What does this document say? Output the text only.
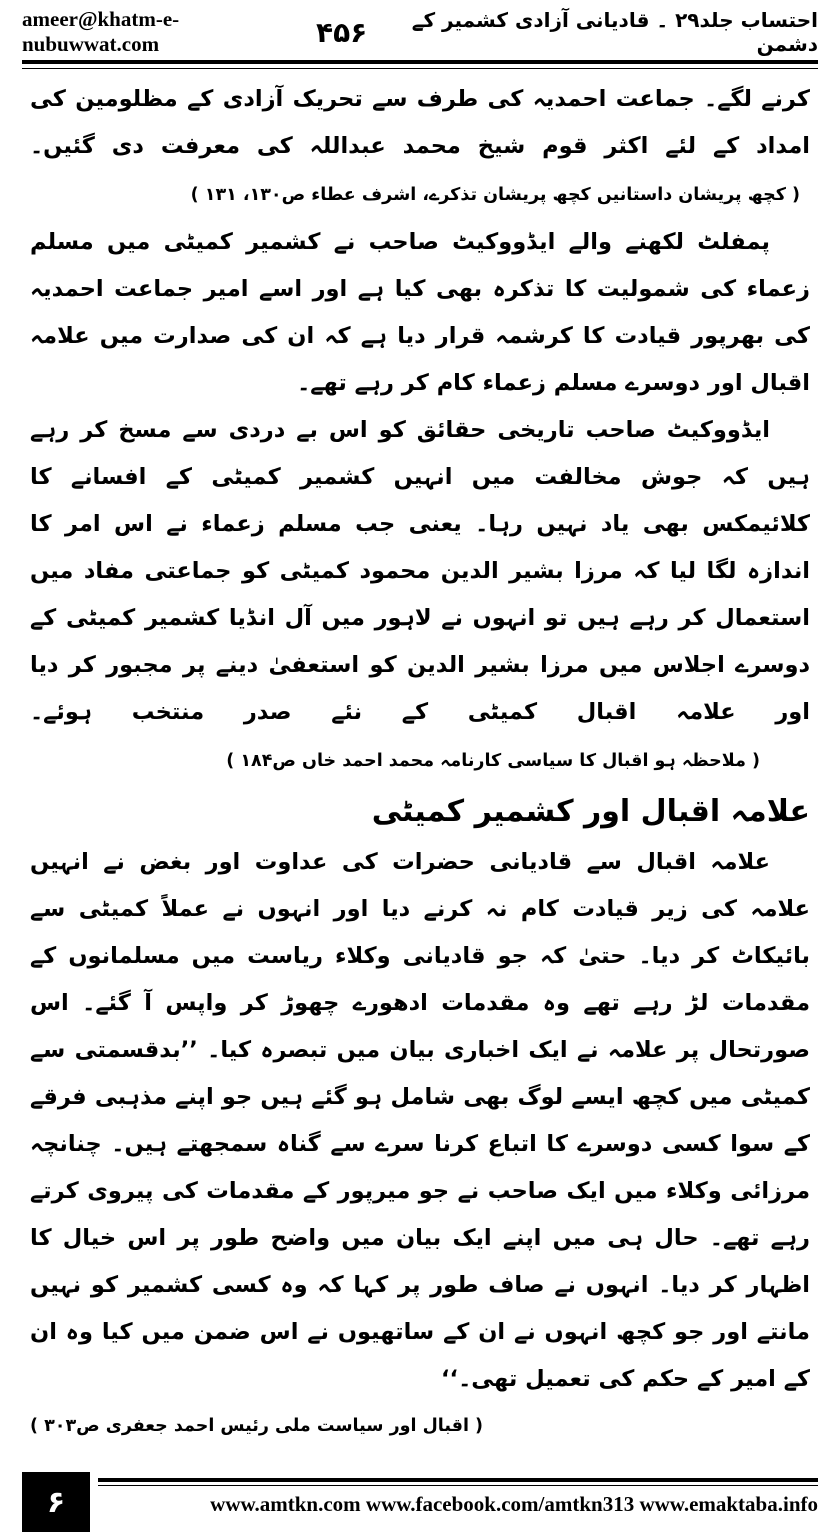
ameer@khatm-e-nubuwwat.com	۴۵۶	احتساب جلد۲۹ ۔ قادیانی آزادی کشمیر کے دشمن

کرنے لگے۔ جماعت احمدیہ کی طرف سے تحریک آزادی کے مظلومین کی امداد کے لئے اکثر قوم شیخ محمد عبداللہ کی معرفت دی گئیں۔ ( کچھ پریشان داستانیں کچھ پریشان تذکرے، اشرف عطاء ص۱۳۰، ۱۳۱ )

پمفلٹ لکھنے والے ایڈووکیٹ صاحب نے کشمیر کمیٹی میں مسلم زعماء کی شمولیت کا تذکرہ بھی کیا ہے اور اسے امیر جماعت احمدیہ کی بھرپور قیادت کا کرشمہ قرار دیا ہے کہ ان کی صدارت میں علامہ اقبال اور دوسرے مسلم زعماء کام کر رہے تھے۔

ایڈووکیٹ صاحب تاریخی حقائق کو اس بے دردی سے مسخ کر رہے ہیں کہ جوش مخالفت میں انہیں کشمیر کمیٹی کے افسانے کا کلائیمکس بھی یاد نہیں رہا۔ یعنی جب مسلم زعماء نے اس امر کا اندازہ لگا لیا کہ مرزا بشیر الدین محمود کمیٹی کو جماعتی مفاد میں استعمال کر رہے ہیں تو انہوں نے لاہور میں آل انڈیا کشمیر کمیٹی کے دوسرے اجلاس میں مرزا بشیر الدین کو استعفیٰ دینے پر مجبور کر دیا اور علامہ اقبال کمیٹی کے نئے صدر منتخب ہوئے۔ ( ملاحظہ ہو اقبال کا سیاسی کارنامہ محمد احمد خاں ص۱۸۴ )

علامہ اقبال اور کشمیر کمیٹی

علامہ اقبال سے قادیانی حضرات کی عداوت اور بغض نے انہیں علامہ کی زیر قیادت کام نہ کرنے دیا اور انہوں نے عملاً کمیٹی سے بائیکاٹ کر دیا۔ حتیٰ کہ جو قادیانی وکلاء ریاست میں مسلمانوں کے مقدمات لڑ رہے تھے وہ مقدمات ادھورے چھوڑ کر واپس آ گئے۔ اس صورتحال پر علامہ نے ایک اخباری بیان میں تبصرہ کیا۔ ’’بدقسمتی سے کمیٹی میں کچھ ایسے لوگ بھی شامل ہو گئے ہیں جو اپنے مذہبی فرقے کے سوا کسی دوسرے کا اتباع کرنا سرے سے گناہ سمجھتے ہیں۔ چنانچہ مرزائی وکلاء میں ایک صاحب نے جو میرپور کے مقدمات کی پیروی کرتے رہے تھے۔ حال ہی میں اپنے ایک بیان میں واضح طور پر اس خیال کا اظہار کر دیا۔ انہوں نے صاف طور پر کہا کہ وہ کسی کشمیر کو نہیں مانتے اور جو کچھ انہوں نے ان کے ساتھیوں نے اس ضمن میں کیا وہ ان کے امیر کے حکم کی تعمیل تھی۔‘‘

( اقبال اور سیاست ملی رئیس احمد جعفری ص۳۰۳ )

۶	www.amtkn.com www.facebook.com/amtkn313 www.emaktaba.info
